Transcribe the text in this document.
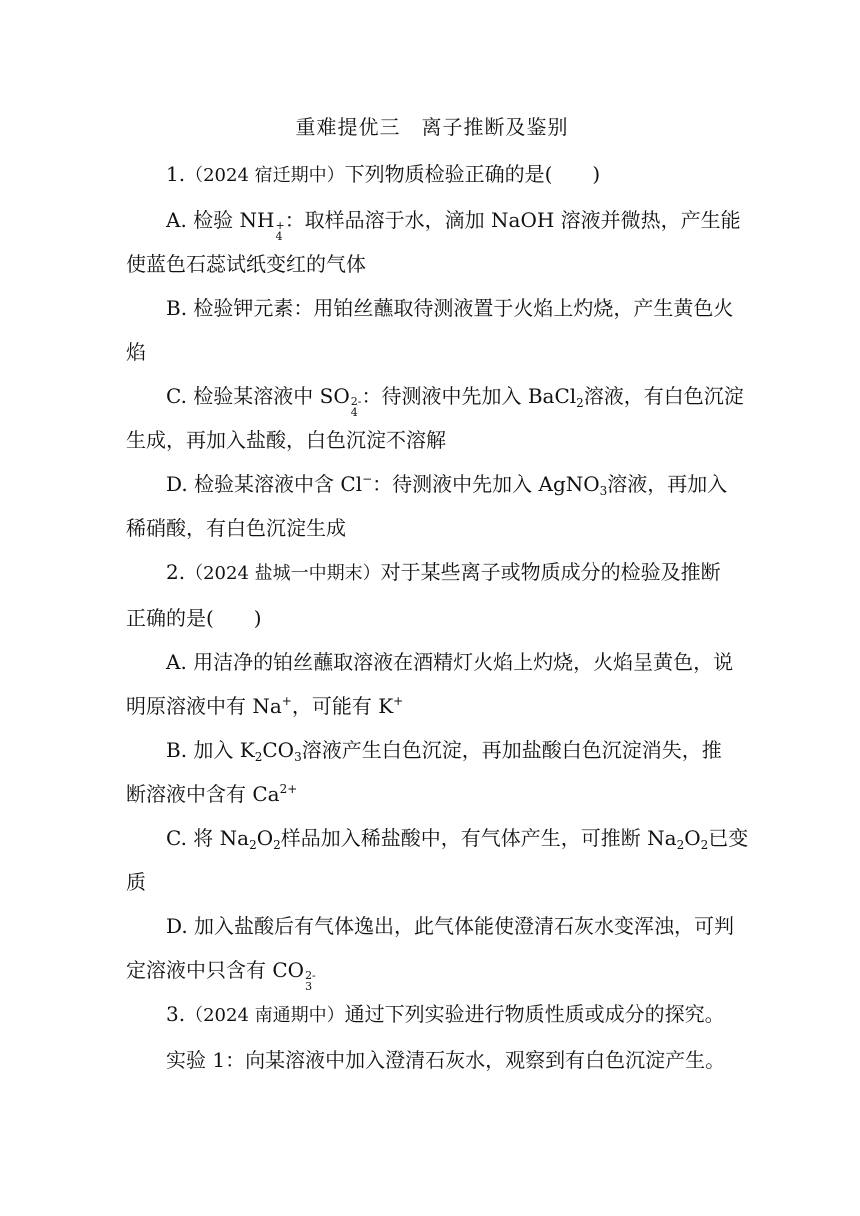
重难提优三　离子推断及鉴别
1.（2024 宿迁期中）下列物质检验正确的是(　　)
A. 检验 NH +
4
：取样品溶于水，滴加 NaOH 溶液并微热，产生能
使蓝色石蕊试纸变红的气体
B. 检验钾元素：用铂丝蘸取待测液置于火焰上灼烧，产生黄色火
焰
C. 检验某溶液中 SO 2-
4
：待测液中先加入 BaCl$_2$溶液，有白色沉淀
生成，再加入盐酸，白色沉淀不溶解
D. 检验某溶液中含 Cl−：待测液中先加入 AgNO$_3$溶液，再加入
稀硝酸，有白色沉淀生成
2.（2024 盐城一中期末）对于某些离子或物质成分的检验及推断
正确的是(　　)
A. 用洁净的铂丝蘸取溶液在酒精灯火焰上灼烧，火焰呈黄色，说
明原溶液中有 Na+，可能有 K+
B. 加入 $K_2CO_3$溶液产生白色沉淀，再加盐酸白色沉淀消失，推
断溶液中含有 $Ca^{2+}$
C. 将 $Na_2O_2$样品加入稀盐酸中，有气体产生，可推断 $Na_2O_2$已变
质
D. 加入盐酸后有气体逸出，此气体能使澄清石灰水变浑浊，可判
定溶液中只含有 CO 2-
3
3.（2024 南通期中）通过下列实验进行物质性质或成分的探究。
实验 1：向某溶液中加入澄清石灰水，观察到有白色沉淀产生。
